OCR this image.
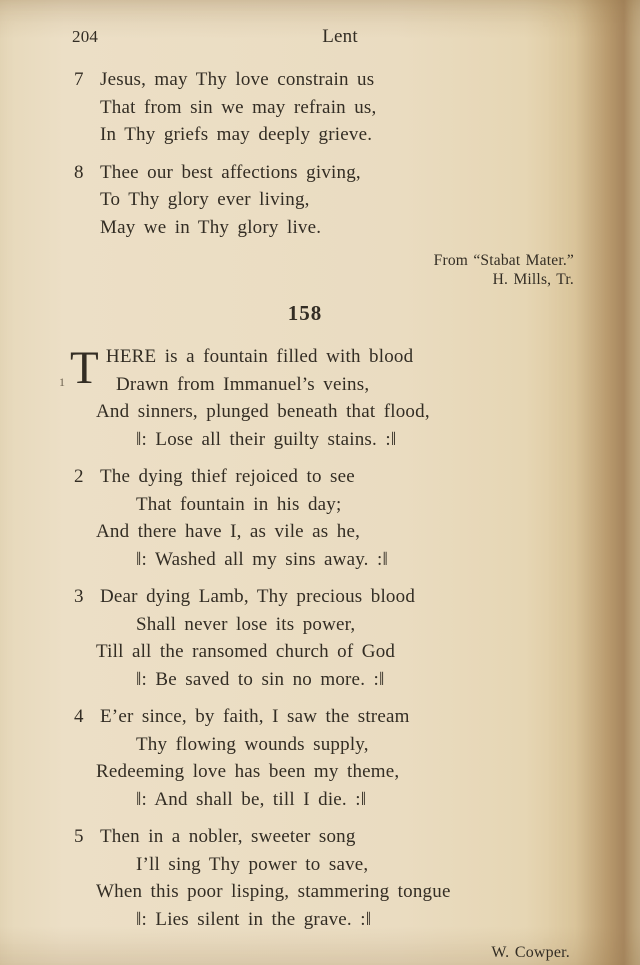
204	Lent

7 Jesus, may Thy love constrain us
That from sin we may refrain us,
In Thy griefs may deeply grieve.

8 Thee our best affections giving,
To Thy glory ever living,
May we in Thy glory live.

From “Stabat Mater.”
H. Mills, Tr.
158

1 T HERE is a fountain filled with blood
Drawn from Immanuel’s veins,
And sinners, plunged beneath that flood,
‖: Lose all their guilty stains. :‖

2 The dying thief rejoiced to see
That fountain in his day;
And there have I, as vile as he,
‖: Washed all my sins away. :‖

3 Dear dying Lamb, Thy precious blood
Shall never lose its power,
Till all the ransomed church of God
‖: Be saved to sin no more. :‖

4 E’er since, by faith, I saw the stream
Thy flowing wounds supply,
Redeeming love has been my theme,
‖: And shall be, till I die. :‖

5 Then in a nobler, sweeter song
I’ll sing Thy power to save,
When this poor lisping, stammering tongue
‖: Lies silent in the grave. :‖

W. Cowper.
